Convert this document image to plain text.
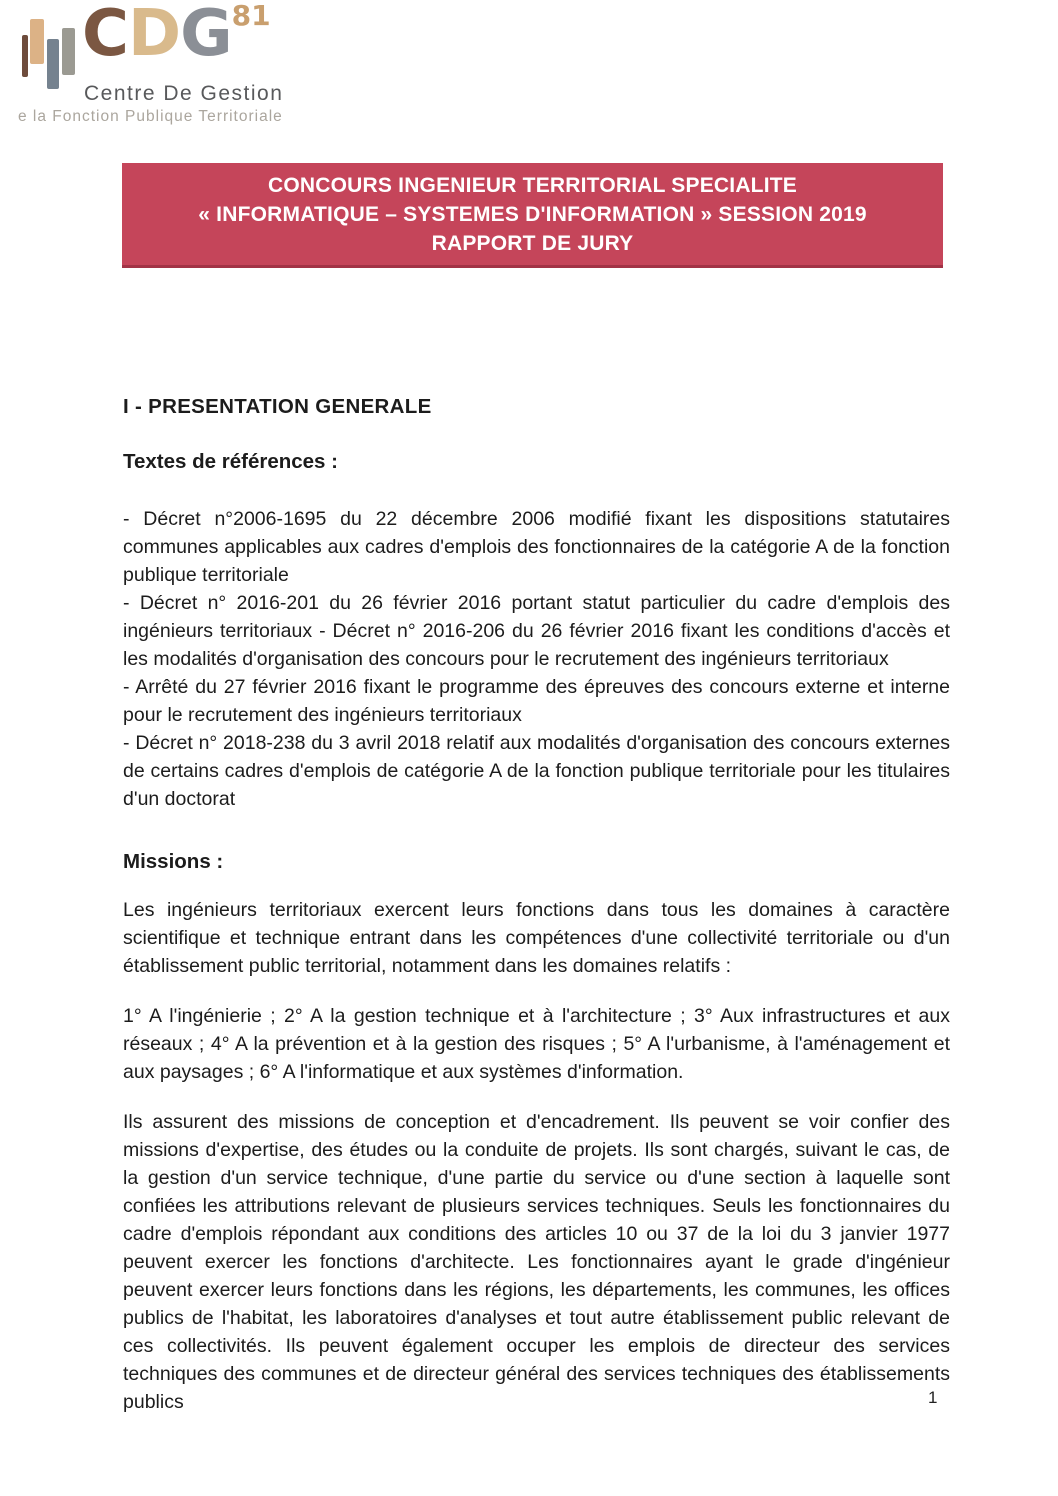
CDG$^{81}$
Centre De Gestion
e la Fonction Publique Territoriale
CONCOURS INGENIEUR TERRITORIAL SPECIALITE
« INFORMATIQUE – SYSTEMES D'INFORMATION » SESSION 2019
RAPPORT DE JURY
I - PRESENTATION GENERALE
Textes de références :

- Décret n°2006-1695 du 22 décembre 2006 modifié fixant les dispositions statutaires communes applicables aux cadres d'emplois des fonctionnaires de la catégorie A de la fonction publique territoriale

- Décret n° 2016-201 du 26 février 2016 portant statut particulier du cadre d'emplois des ingénieurs territoriaux - Décret n° 2016-206 du 26 février 2016 fixant les conditions d'accès et les modalités d'organisation des concours pour le recrutement des ingénieurs territoriaux

- Arrêté du 27 février 2016 fixant le programme des épreuves des concours externe et interne pour le recrutement des ingénieurs territoriaux

- Décret n° 2018-238 du 3 avril 2018 relatif aux modalités d'organisation des concours externes de certains cadres d'emplois de catégorie A de la fonction publique territoriale pour les titulaires d'un doctorat

Missions :

Les ingénieurs territoriaux exercent leurs fonctions dans tous les domaines à caractère scientifique et technique entrant dans les compétences d'une collectivité territoriale ou d'un établissement public territorial, notamment dans les domaines relatifs :

1° A l'ingénierie ; 2° A la gestion technique et à l'architecture ; 3° Aux infrastructures et aux réseaux ; 4° A la prévention et à la gestion des risques ; 5° A l'urbanisme, à l'aménagement et aux paysages ; 6° A l'informatique et aux systèmes d'information.

Ils assurent des missions de conception et d'encadrement. Ils peuvent se voir confier des missions d'expertise, des études ou la conduite de projets. Ils sont chargés, suivant le cas, de la gestion d'un service technique, d'une partie du service ou d'une section à laquelle sont confiées les attributions relevant de plusieurs services techniques. Seuls les fonctionnaires du cadre d'emplois répondant aux conditions des articles 10 ou 37 de la loi du 3 janvier 1977 peuvent exercer les fonctions d'architecte. Les fonctionnaires ayant le grade d'ingénieur peuvent exercer leurs fonctions dans les régions, les départements, les communes, les offices publics de l'habitat, les laboratoires d'analyses et tout autre établissement public relevant de ces collectivités. Ils peuvent également occuper les emplois de directeur des services techniques des communes et de directeur général des services techniques des établissements publics	1
